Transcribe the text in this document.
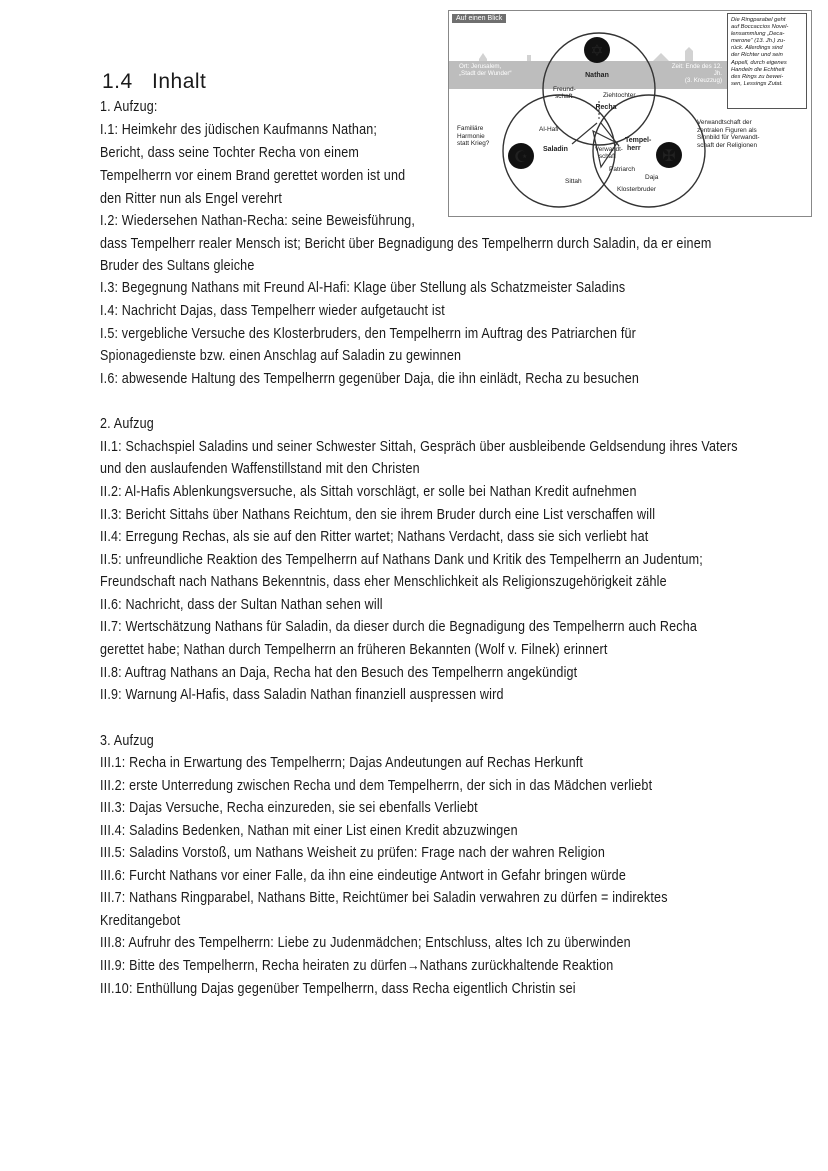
1.4 Inhalt
1. Aufzug:
I.1: Heimkehr des jüdischen Kaufmanns Nathan;
Bericht, dass seine Tochter Recha von einem
Tempelherrn vor einem Brand gerettet worden ist und
den Ritter nun als Engel verehrt
I.2: Wiedersehen Nathan-Recha: seine Beweisführung,
dass Tempelherr realer Mensch ist; Bericht über Begnadigung des Tempelherrn durch Saladin, da er einem
Bruder des Sultans gleiche
I.3: Begegnung Nathans mit Freund Al-Hafi: Klage über Stellung als Schatzmeister Saladins
I.4: Nachricht Dajas, dass Tempelherr wieder aufgetaucht ist
I.5: vergebliche Versuche des Klosterbruders, den Tempelherrn im Auftrag des Patriarchen für
Spionagedienste bzw. einen Anschlag auf Saladin zu gewinnen
I.6: abwesende Haltung des Tempelherrn gegenüber Daja, die ihn einlädt, Recha zu besuchen
2. Aufzug
II.1: Schachspiel Saladins und seiner Schwester Sittah, Gespräch über ausbleibende Geldsendung ihres Vaters
und den auslaufenden Waffenstillstand mit den Christen
II.2: Al-Hafis Ablenkungsversuche, als Sittah vorschlägt, er solle bei Nathan Kredit aufnehmen
II.3: Bericht Sittahs über Nathans Reichtum, den sie ihrem Bruder durch eine List verschaffen will
II.4: Erregung Rechas, als sie auf den Ritter wartet; Nathans Verdacht, dass sie sich verliebt hat
II.5: unfreundliche Reaktion des Tempelherrn auf Nathans Dank und Kritik des Tempelherrn an Judentum;
Freundschaft nach Nathans Bekenntnis, dass eher Menschlichkeit als Religionszugehörigkeit zähle
II.6: Nachricht, dass der Sultan Nathan sehen will
II.7: Wertschätzung Nathans für Saladin, da dieser durch die Begnadigung des Tempelherrn auch Recha
gerettet habe; Nathan durch Tempelherrn an früheren Bekannten (Wolf v. Filnek) erinnert
II.8: Auftrag Nathans an Daja, Recha hat den Besuch des Tempelherrn angekündigt
II.9: Warnung Al-Hafis, dass Saladin Nathan finanziell auspressen wird
3. Aufzug
III.1: Recha in Erwartung des Tempelherrn; Dajas Andeutungen auf Rechas Herkunft
III.2: erste Unterredung zwischen Recha und dem Tempelherrn, der sich in das Mädchen verliebt
III.3: Dajas Versuche, Recha einzureden, sie sei ebenfalls Verliebt
III.4: Saladins Bedenken, Nathan mit einer List einen Kredit abzuzwingen
III.5: Saladins Vorstoß, um Nathans Weisheit zu prüfen: Frage nach der wahren Religion
III.6: Furcht Nathans vor einer Falle, da ihn eine eindeutige Antwort in Gefahr bringen würde
III.7: Nathans Ringparabel, Nathans Bitte, Reichtümer bei Saladin verwahren zu dürfen = indirektes
Kreditangebot
III.8: Aufruhr des Tempelherrn: Liebe zu Judenmädchen; Entschluss, altes Ich zu überwinden
III.9: Bitte des Tempelherrn, Recha heiraten zu dürfen→Nathans zurückhaltende Reaktion
III.10: Enthüllung Dajas gegenüber Tempelherrn, dass Recha eigentlich Christin sei
Auf einen Blick
Ort: Jerusalem,
„Stadt der Wunder“
Zeit: Ende des 12. Jh.
(3. Kreuzzug)
Die Ringparabel geht
auf Boccaccios Novel-
lensammlung „Deca-
merone“ (13. Jh.) zu-
rück. Allerdings sind
der Richter und sein
Appell, durch eigenes
Handeln die Echtheit
des Rings zu bewei-
sen, Lessings Zutat.
Familiäre
Harmonie
statt Krieg?
Verwandtschaft der
zentralen Figuren als
Sinnbild für Verwandt-
schaft der Religionen
✡
☪	✠
Nathan
Freund-
schaft	Ziehtochter
Recha
Al-Hafi
Saladin	Verwandt-
schaft
Tempel-
herr
Patriarch
Sittah
Daja
Klosterbruder
